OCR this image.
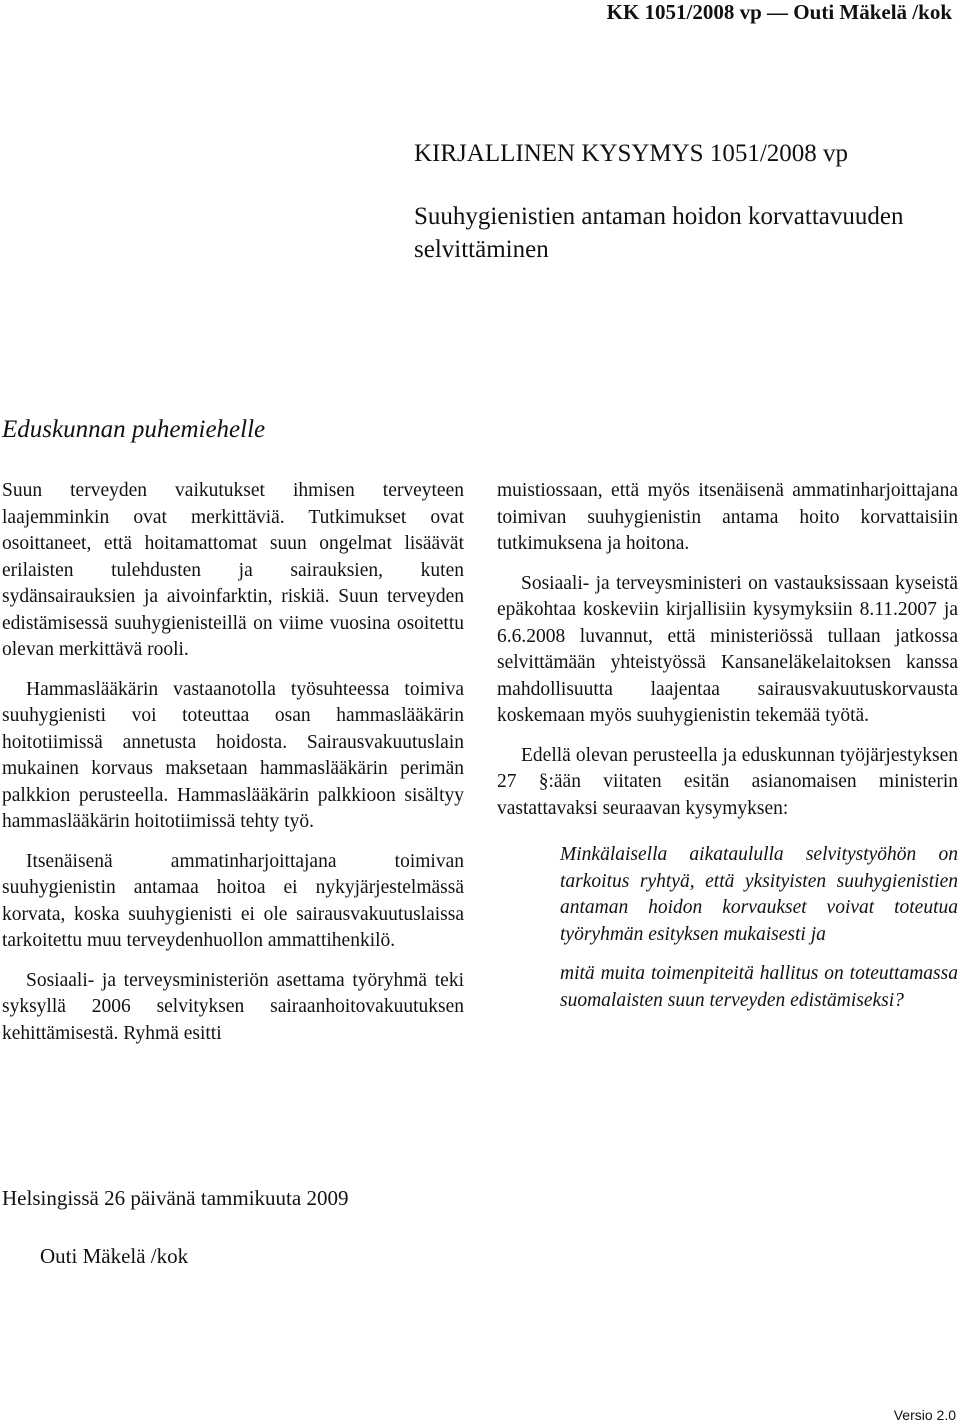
KK 1051/2008 vp — Outi Mäkelä /kok
KIRJALLINEN KYSYMYS 1051/2008 vp
Suuhygienistien antaman hoidon korvattavuuden selvittäminen
Eduskunnan puhemiehelle

Suun terveyden vaikutukset ihmisen terveyteen laajemminkin ovat merkittäviä. Tutkimukset ovat osoittaneet, että hoitamattomat suun ongelmat lisäävät erilaisten tulehdusten ja sairauksien, kuten sydänsairauksien ja aivoinfarktin, riskiä. Suun terveyden edistämisessä suuhygienisteillä on viime vuosina osoitettu olevan merkittävä rooli.

Hammaslääkärin vastaanotolla työsuhteessa toimiva suuhygienisti voi toteuttaa osan hammaslääkärin hoitotiimissä annetusta hoidosta. Sairausvakuutuslain mukainen korvaus maksetaan hammaslääkärin perimän palkkion perusteella. Hammaslääkärin palkkioon sisältyy hammaslääkärin hoitotiimissä tehty työ.

Itsenäisenä ammatinharjoittajana toimivan suuhygienistin antamaa hoitoa ei nykyjärjestelmässä korvata, koska suuhygienisti ei ole sairausvakuutuslaissa tarkoitettu muu terveydenhuollon ammattihenkilö.

Sosiaali- ja terveysministeriön asettama työryhmä teki syksyllä 2006 selvityksen sairaanhoitovakuutuksen kehittämisestä. Ryhmä esitti

muistiossaan, että myös itsenäisenä ammatinharjoittajana toimivan suuhygienistin antama hoito korvattaisiin tutkimuksena ja hoitona.

Sosiaali- ja terveysministeri on vastauksissaan kyseistä epäkohtaa koskeviin kirjallisiin kysymyksiin 8.11.2007 ja 6.6.2008 luvannut, että ministeriössä tullaan jatkossa selvittämään yhteistyössä Kansaneläkelaitoksen kanssa mahdollisuutta laajentaa sairausvakuutuskorvausta koskemaan myös suuhygienistin tekemää työtä.

Edellä olevan perusteella ja eduskunnan työjärjestyksen 27 §:ään viitaten esitän asianomaisen ministerin vastattavaksi seuraavan kysymyksen:

Minkälaisella aikataululla selvitystyöhön on tarkoitus ryhtyä, että yksityisten suuhygienistien antaman hoidon korvaukset voivat toteutua työryhmän esityksen mukaisesti ja

mitä muita toimenpiteitä hallitus on toteuttamassa suomalaisten suun terveyden edistämiseksi?

Helsingissä 26 päivänä tammikuuta 2009
Outi Mäkelä /kok
Versio 2.0
